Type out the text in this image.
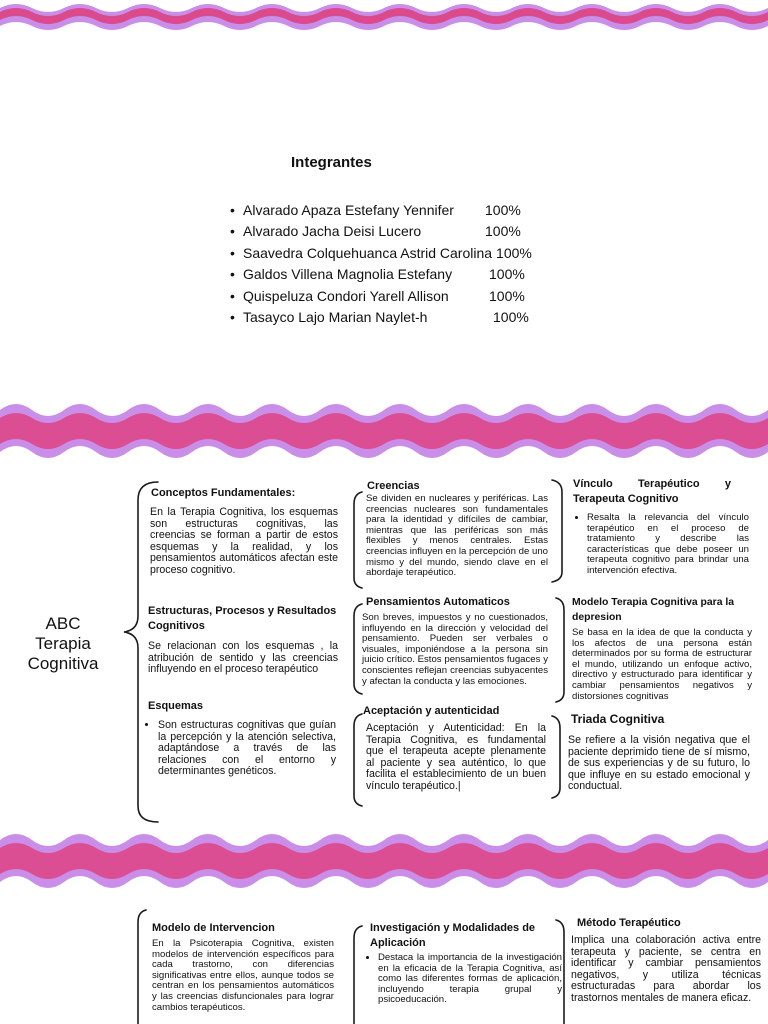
Integrantes
• Alvarado Apaza Estefany Yennifer 100%
• Alvarado Jacha Deisi Lucero	100%
• Saavedra Colquehuanca Astrid Carolina 100%
• Galdos Villena Magnolia Estefany	100%
• Quispeluza Condori Yarell Allison	100%
• Tasayco Lajo Marian Naylet-h	100%
ABC
Terapia
Cognitiva
Conceptos Fundamentales:
En la Terapia Cognitiva, los esquemas son estructuras cognitivas, las creencias se forman a partir de estos esquemas y la realidad, y los pensamientos automáticos afectan este proceso cognitivo.
Estructuras, Procesos y Resultados Cognitivos
Se relacionan con los esquemas , la atribución de sentido y las creencias influyendo en el proceso terapéutico
Esquemas
• Son estructuras cognitivas que guían la percepción y la atención selectiva, adaptándose a través de las relaciones con el entorno y determinantes genéticos.
Creencias
Se dividen en nucleares y periféricas. Las creencias nucleares son fundamentales para la identidad y difíciles de cambiar, mientras que las periféricas son más flexibles y menos centrales. Estas creencias influyen en la percepción de uno mismo y del mundo, siendo clave en el abordaje terapéutico.
Pensamientos Automaticos
Son breves, impuestos y no cuestionados, influyendo en la dirección y velocidad del pensamiento. Pueden ser verbales o visuales, imponiéndose a la persona sin juicio crítico. Estos pensamientos fugaces y conscientes reflejan creencias subyacentes y afectan la conducta y las emociones.
Aceptación y autenticidad
Aceptación y Autenticidad: En la Terapia Cognitiva, es fundamental que el terapeuta acepte plenamente al paciente y sea auténtico, lo que facilita el establecimiento de un buen vínculo terapéutico.|
Vínculo Terapéutico y Terapeuta Cognitivo
• Resalta la relevancia del vínculo terapéutico en el proceso de tratamiento y describe las características que debe poseer un terapeuta cognitivo para brindar una intervención efectiva.
Modelo Terapia Cognitiva para la depresion
Se basa en la idea de que la conducta y los afectos de una persona están determinados por su forma de estructurar el mundo, utilizando un enfoque activo, directivo y estructurado para identificar y cambiar pensamientos negativos y distorsiones cognitivas
Triada Cognitiva
Se refiere a la visión negativa que el paciente deprimido tiene de sí mismo, de sus experiencias y de su futuro, lo que influye en su estado emocional y conductual.
Modelo de Intervencion
En la Psicoterapia Cognitiva, existen modelos de intervención específicos para cada trastorno, con diferencias significativas entre ellos, aunque todos se centran en los pensamientos automáticos y las creencias disfuncionales para lograr cambios terapéuticos.
Investigación y Modalidades de Aplicación
• Destaca la importancia de la investigación en la eficacia de la Terapia Cognitiva, así como las diferentes formas de aplicación, incluyendo terapia grupal y psicoeducación.
Método Terapéutico
Implica una colaboración activa entre terapeuta y paciente, se centra en identificar y cambiar pensamientos negativos, y utiliza técnicas estructuradas para abordar los trastornos mentales de manera eficaz.
